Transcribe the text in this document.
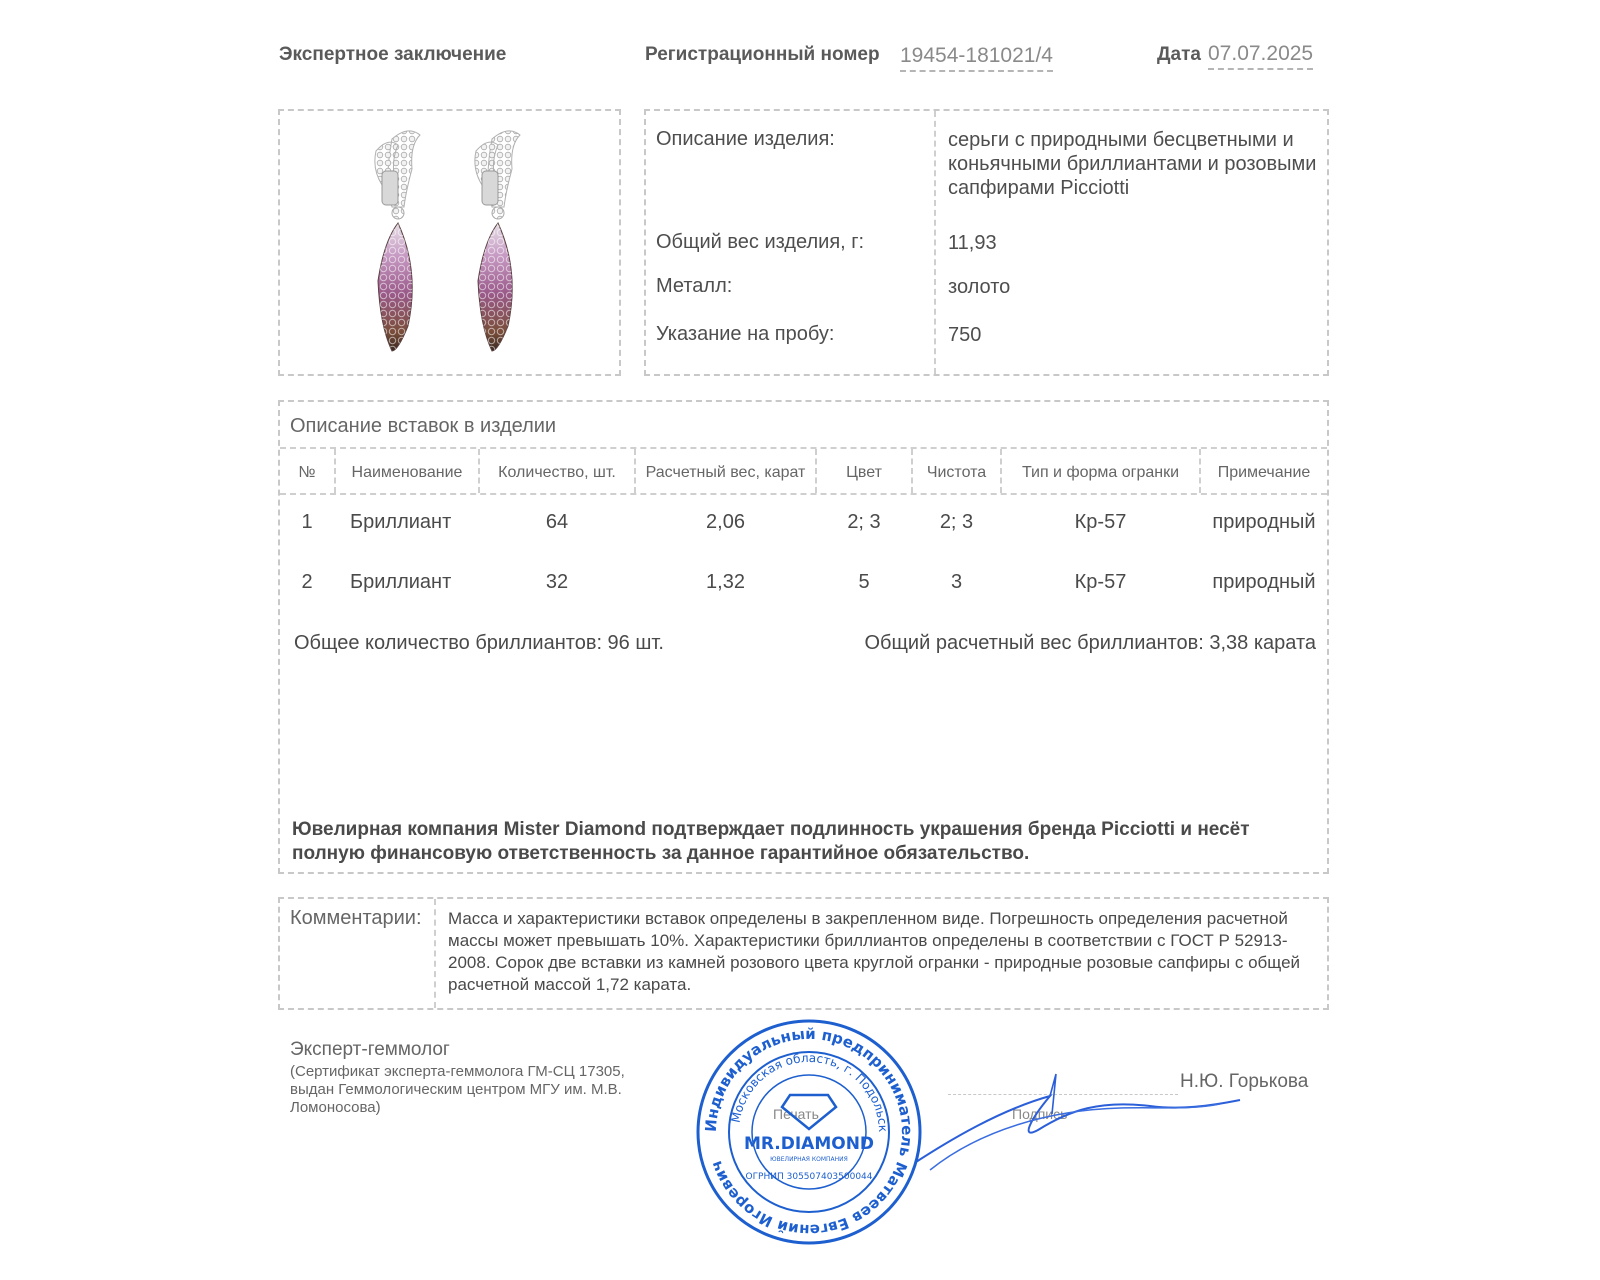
Экспертное заключение	Регистрационный номер 19454-181021/4	Дата 07.07.2025
Описание изделия:	серьги с природными бесцветными и коньячными бриллиантами и розовыми сапфирами Picciotti
Общий вес изделия, г:	11,93
Металл:	золото
Указание на пробу:	750
Описание вставок в изделии
№	Наименование	Количество, шт.	Расчетный вес, карат	Цвет	Чистота	Тип и форма огранки	Примечание
1	Бриллиант	64	2,06	2; 3	2; 3	Кр-57	природный
2	Бриллиант	32	1,32	5	3	Кр-57	природный
Общее количество бриллиантов: 96 шт.	Общий расчетный вес бриллиантов: 3,38 карата
Ювелирная компания Mister Diamond подтверждает подлинность украшения бренда Picciotti и несёт полную финансовую ответственность за данное гарантийное обязательство.
Комментарии: Масса и характеристики вставок определены в закрепленном виде. Погрешность определения расчетной массы может превышать 10%. Характеристики бриллиантов определены в соответствии с ГОСТ Р 52913-2008. Сорок две вставки из камней розового цвета круглой огранки - природные розовые сапфиры с общей расчетной массой 1,72 карата.
Эксперт-геммолог
(Сертификат эксперта-геммолога ГМ-СЦ 17305, выдан Геммологическим центром МГУ им. М.В. Ломоносова)	Печать	Подпись
Н.Ю. Горькова
Индивидуальный предприниматель Матвеев Евгений Игоревич
Московская область, г. Подольск
MR.DIAMOND
ЮВЕЛИРНАЯ КОМПАНИЯ
ОГРНИП 305507403500044
